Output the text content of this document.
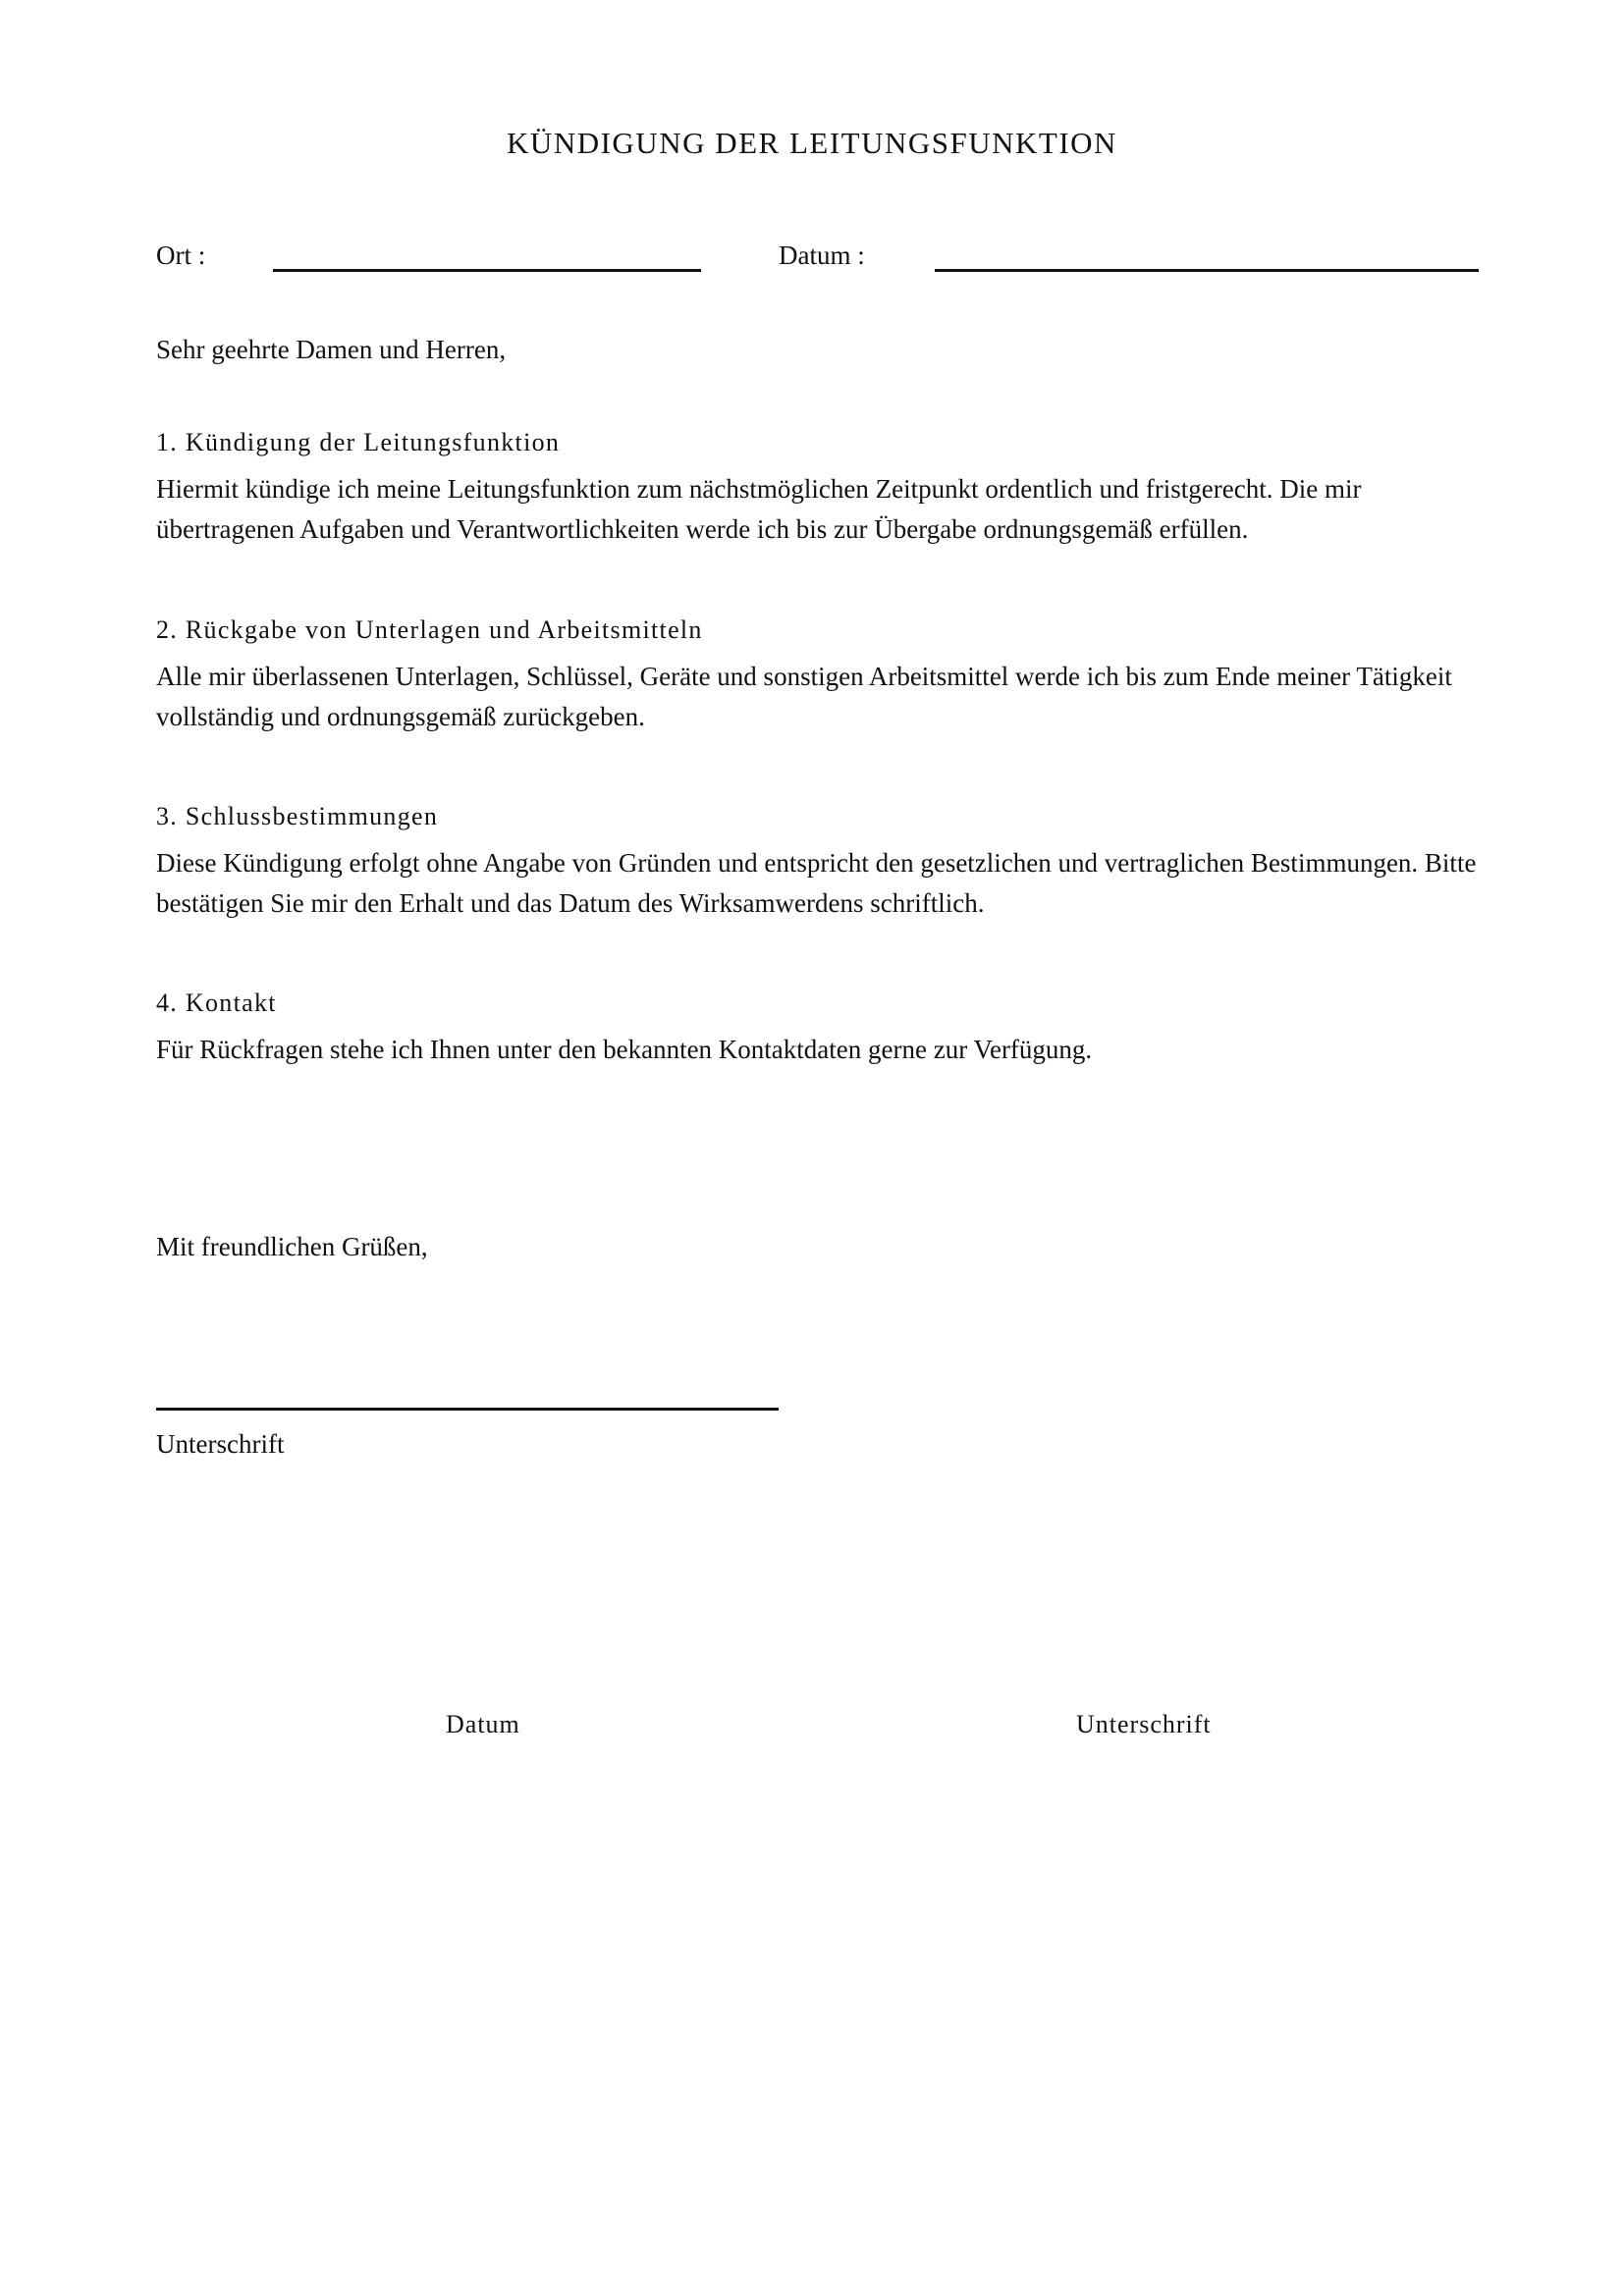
KÜNDIGUNG DER LEITUNGSFUNKTION
Ort :	Datum :
Sehr geehrte Damen und Herren,
1. Kündigung der Leitungsfunktion

Hiermit kündige ich meine Leitungsfunktion zum nächstmöglichen Zeitpunkt ordentlich und fristgerecht. Die mir übertragenen Aufgaben und Verantwortlichkeiten werde ich bis zur Übergabe ordnungsgemäß erfüllen.

2. Rückgabe von Unterlagen und Arbeitsmitteln

Alle mir überlassenen Unterlagen, Schlüssel, Geräte und sonstigen Arbeitsmittel werde ich bis zum Ende meiner Tätigkeit vollständig und ordnungsgemäß zurückgeben.

3. Schlussbestimmungen

Diese Kündigung erfolgt ohne Angabe von Gründen und entspricht den gesetzlichen und vertraglichen Bestimmungen. Bitte bestätigen Sie mir den Erhalt und das Datum des Wirksamwerdens schriftlich.

4. Kontakt

Für Rückfragen stehe ich Ihnen unter den bekannten Kontaktdaten gerne zur Verfügung.

Mit freundlichen Grüßen,
Unterschrift
Datum	Unterschrift
